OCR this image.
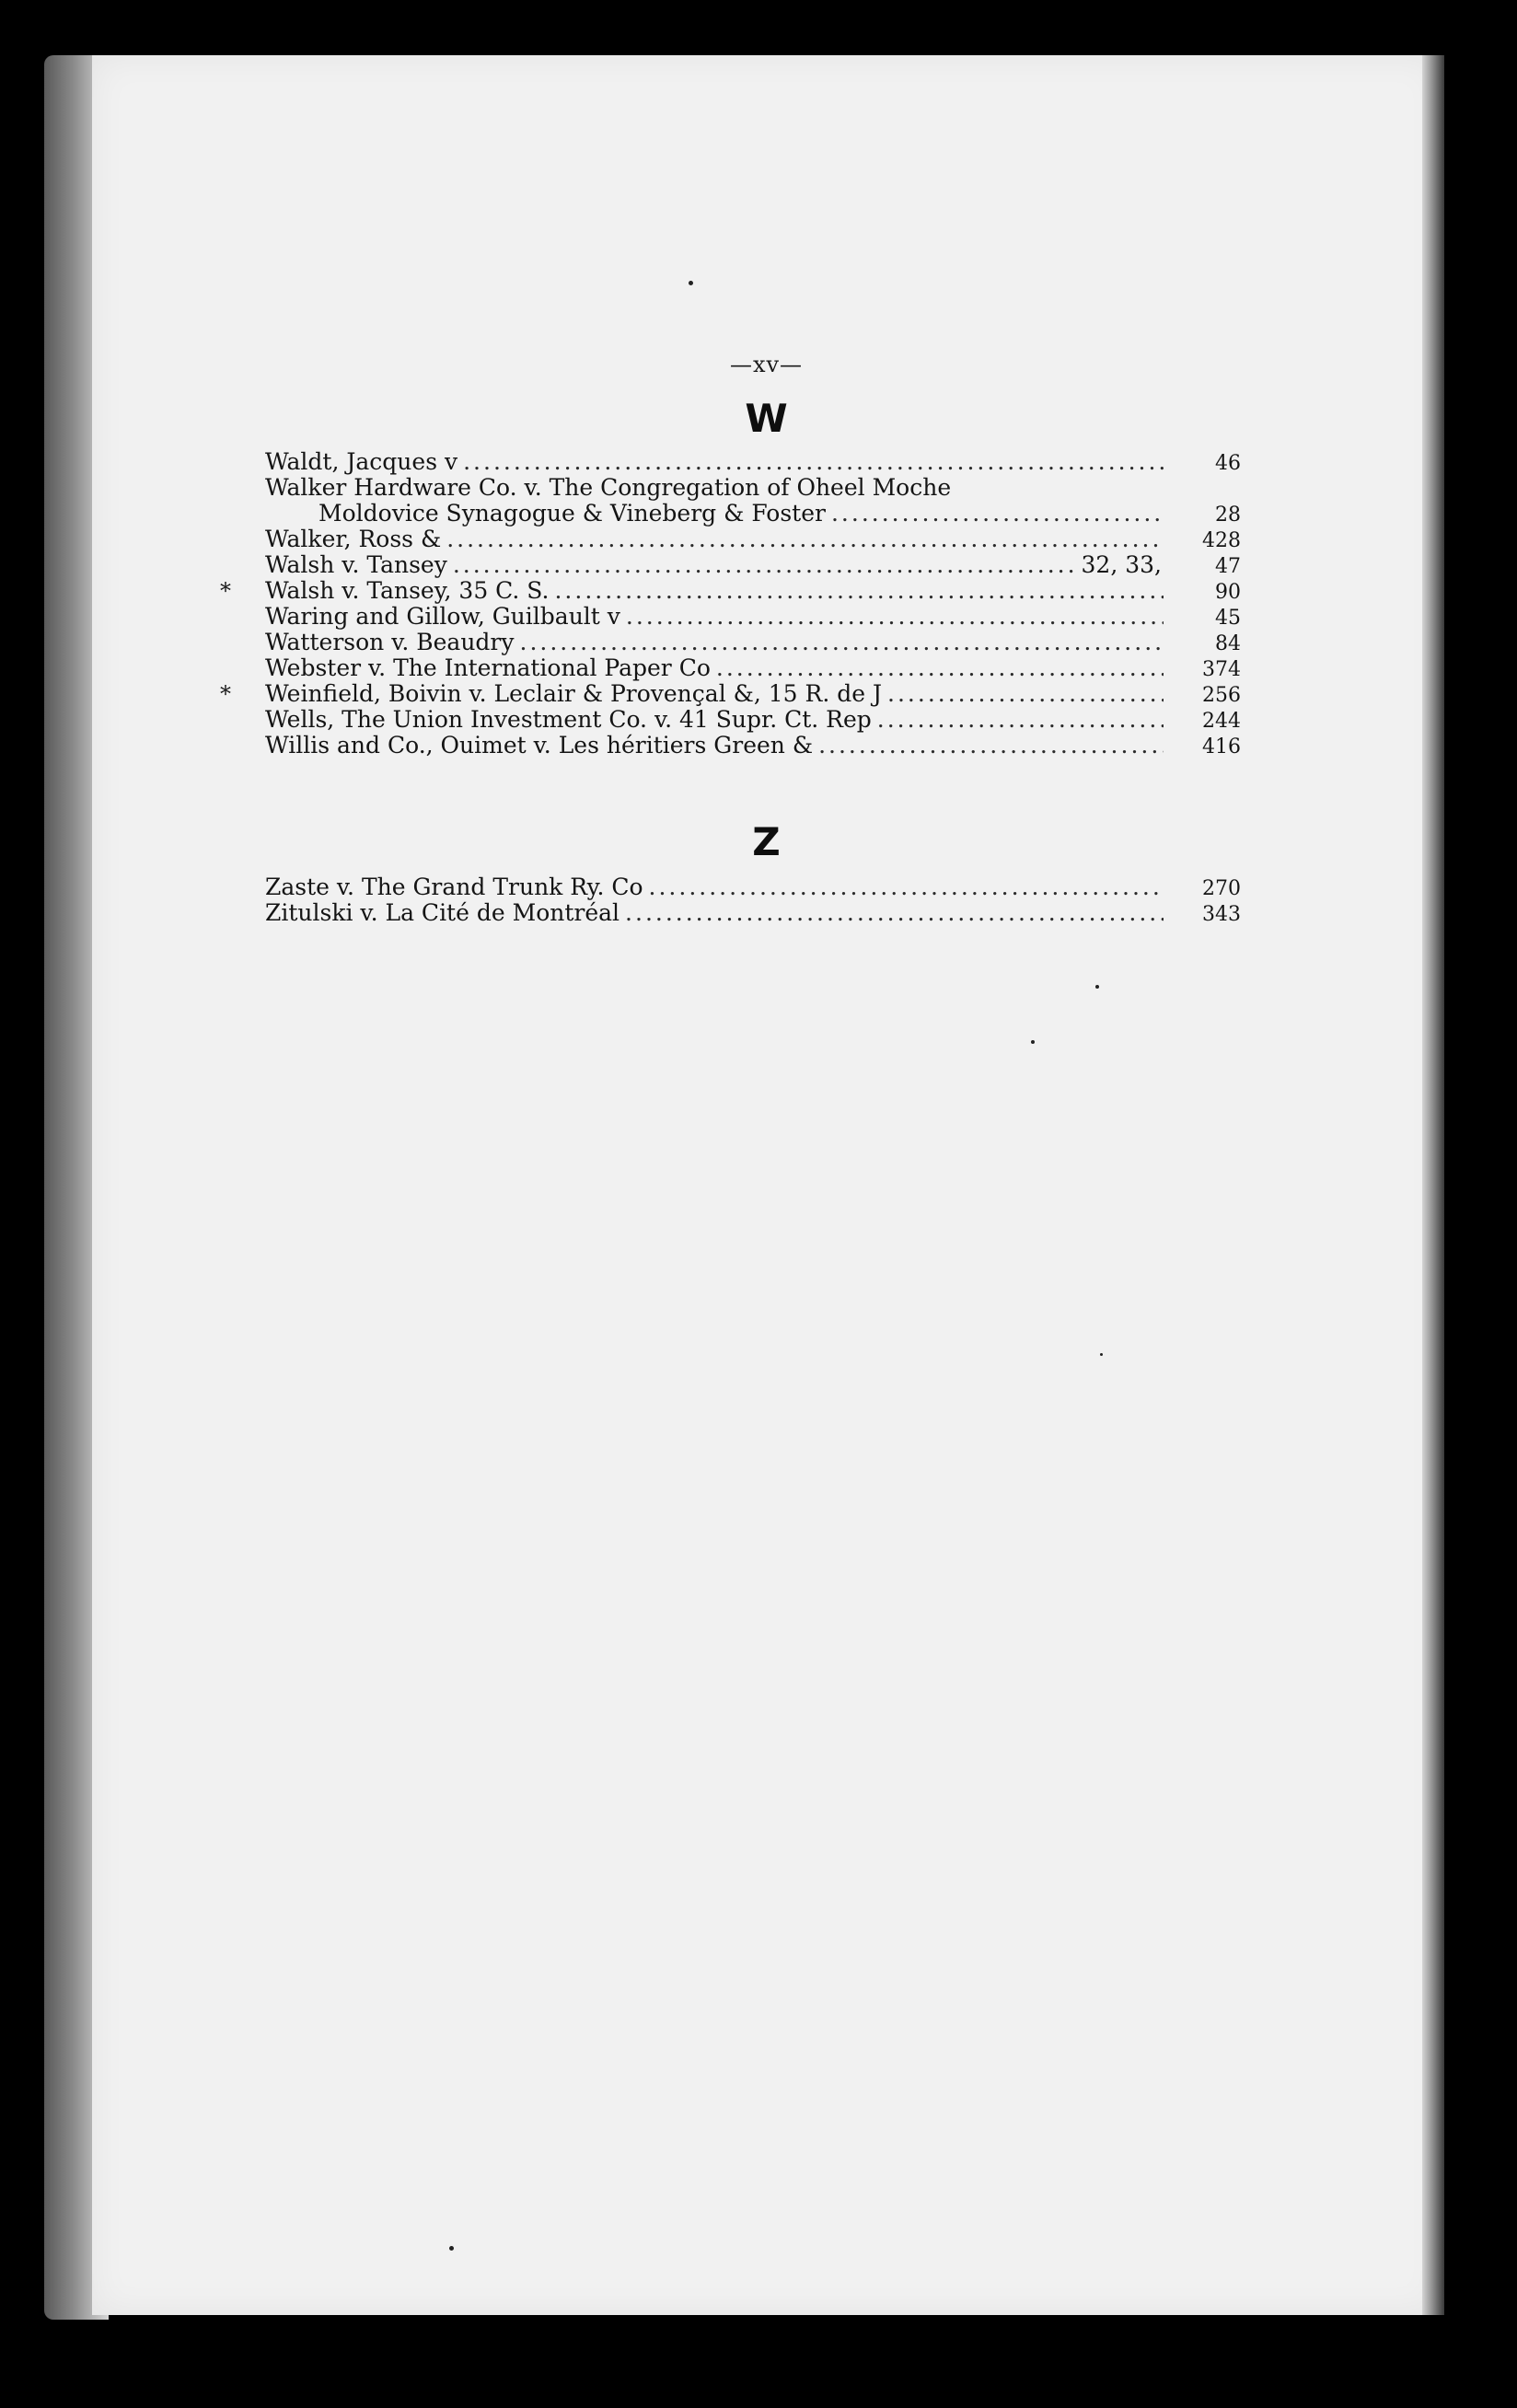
—xv—
W
Waldt, Jacques v .....	46
Walker Hardware Co. v. The Congregation of Oheel Moche
Moldovice Synagogue & Vineberg & Foster .....	28
Walker, Ross & .....	428
Walsh v. Tansey .....	32, 33,	47
*	Walsh v. Tansey, 35 C. S. .....	90
Waring and Gillow, Guilbault v .....	45
Watterson v. Beaudry .....	84
Webster v. The International Paper Co .....	374
*	Weinfield, Boivin v. Leclair & Provençal &, 15 R. de J .....	256
Wells, The Union Investment Co. v. 41 Supr. Ct. Rep .....	244
Willis and Co., Ouimet v. Les héritiers Green & .....	416
Z
Zaste v. The Grand Trunk Ry. Co .....	270
Zitulski v. La Cité de Montréal .....	343
